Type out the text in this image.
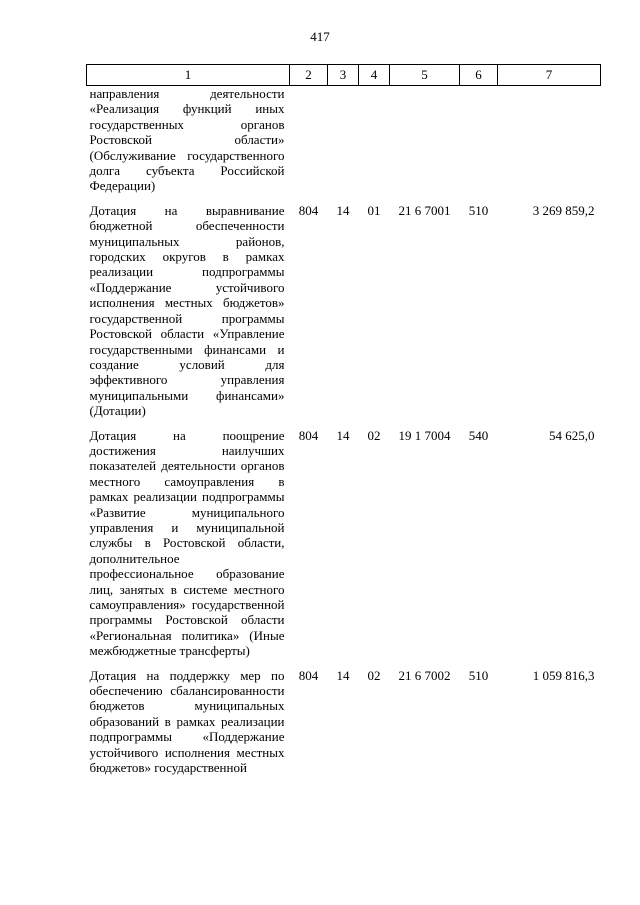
417
1	2	3	4	5	6	7
направления деятельности «Реализация функций иных государственных органов Ростовской области» (Обслуживание государственного долга субъекта Российской Федерации)						
Дотация на выравнивание бюджетной обеспеченности муниципальных районов, городских округов в рамках реализации подпрограммы «Поддержание устойчивого исполнения местных бюджетов» государственной программы Ростовской области «Управление государственными финансами и создание условий для эффективного управления муниципальными финансами» (Дотации)	804	14	01	21 6 7001	510	3 269 859,2
Дотация на поощрение достижения наилучших показателей деятельности органов местного самоуправления в рамках реализации подпрограммы «Развитие муниципального управления и муниципальной службы в Ростовской области, дополнительное профессиональное образование лиц, занятых в системе местного самоуправления» государственной программы Ростовской области «Региональная политика» (Иные межбюджетные трансферты)	804	14	02	19 1 7004	540	54 625,0
Дотация на поддержку мер по обеспечению сбалансированности бюджетов муниципальных образований в рамках реализации подпрограммы «Поддержание устойчивого исполнения местных бюджетов» государственной	804	14	02	21 6 7002	510	1 059 816,3
